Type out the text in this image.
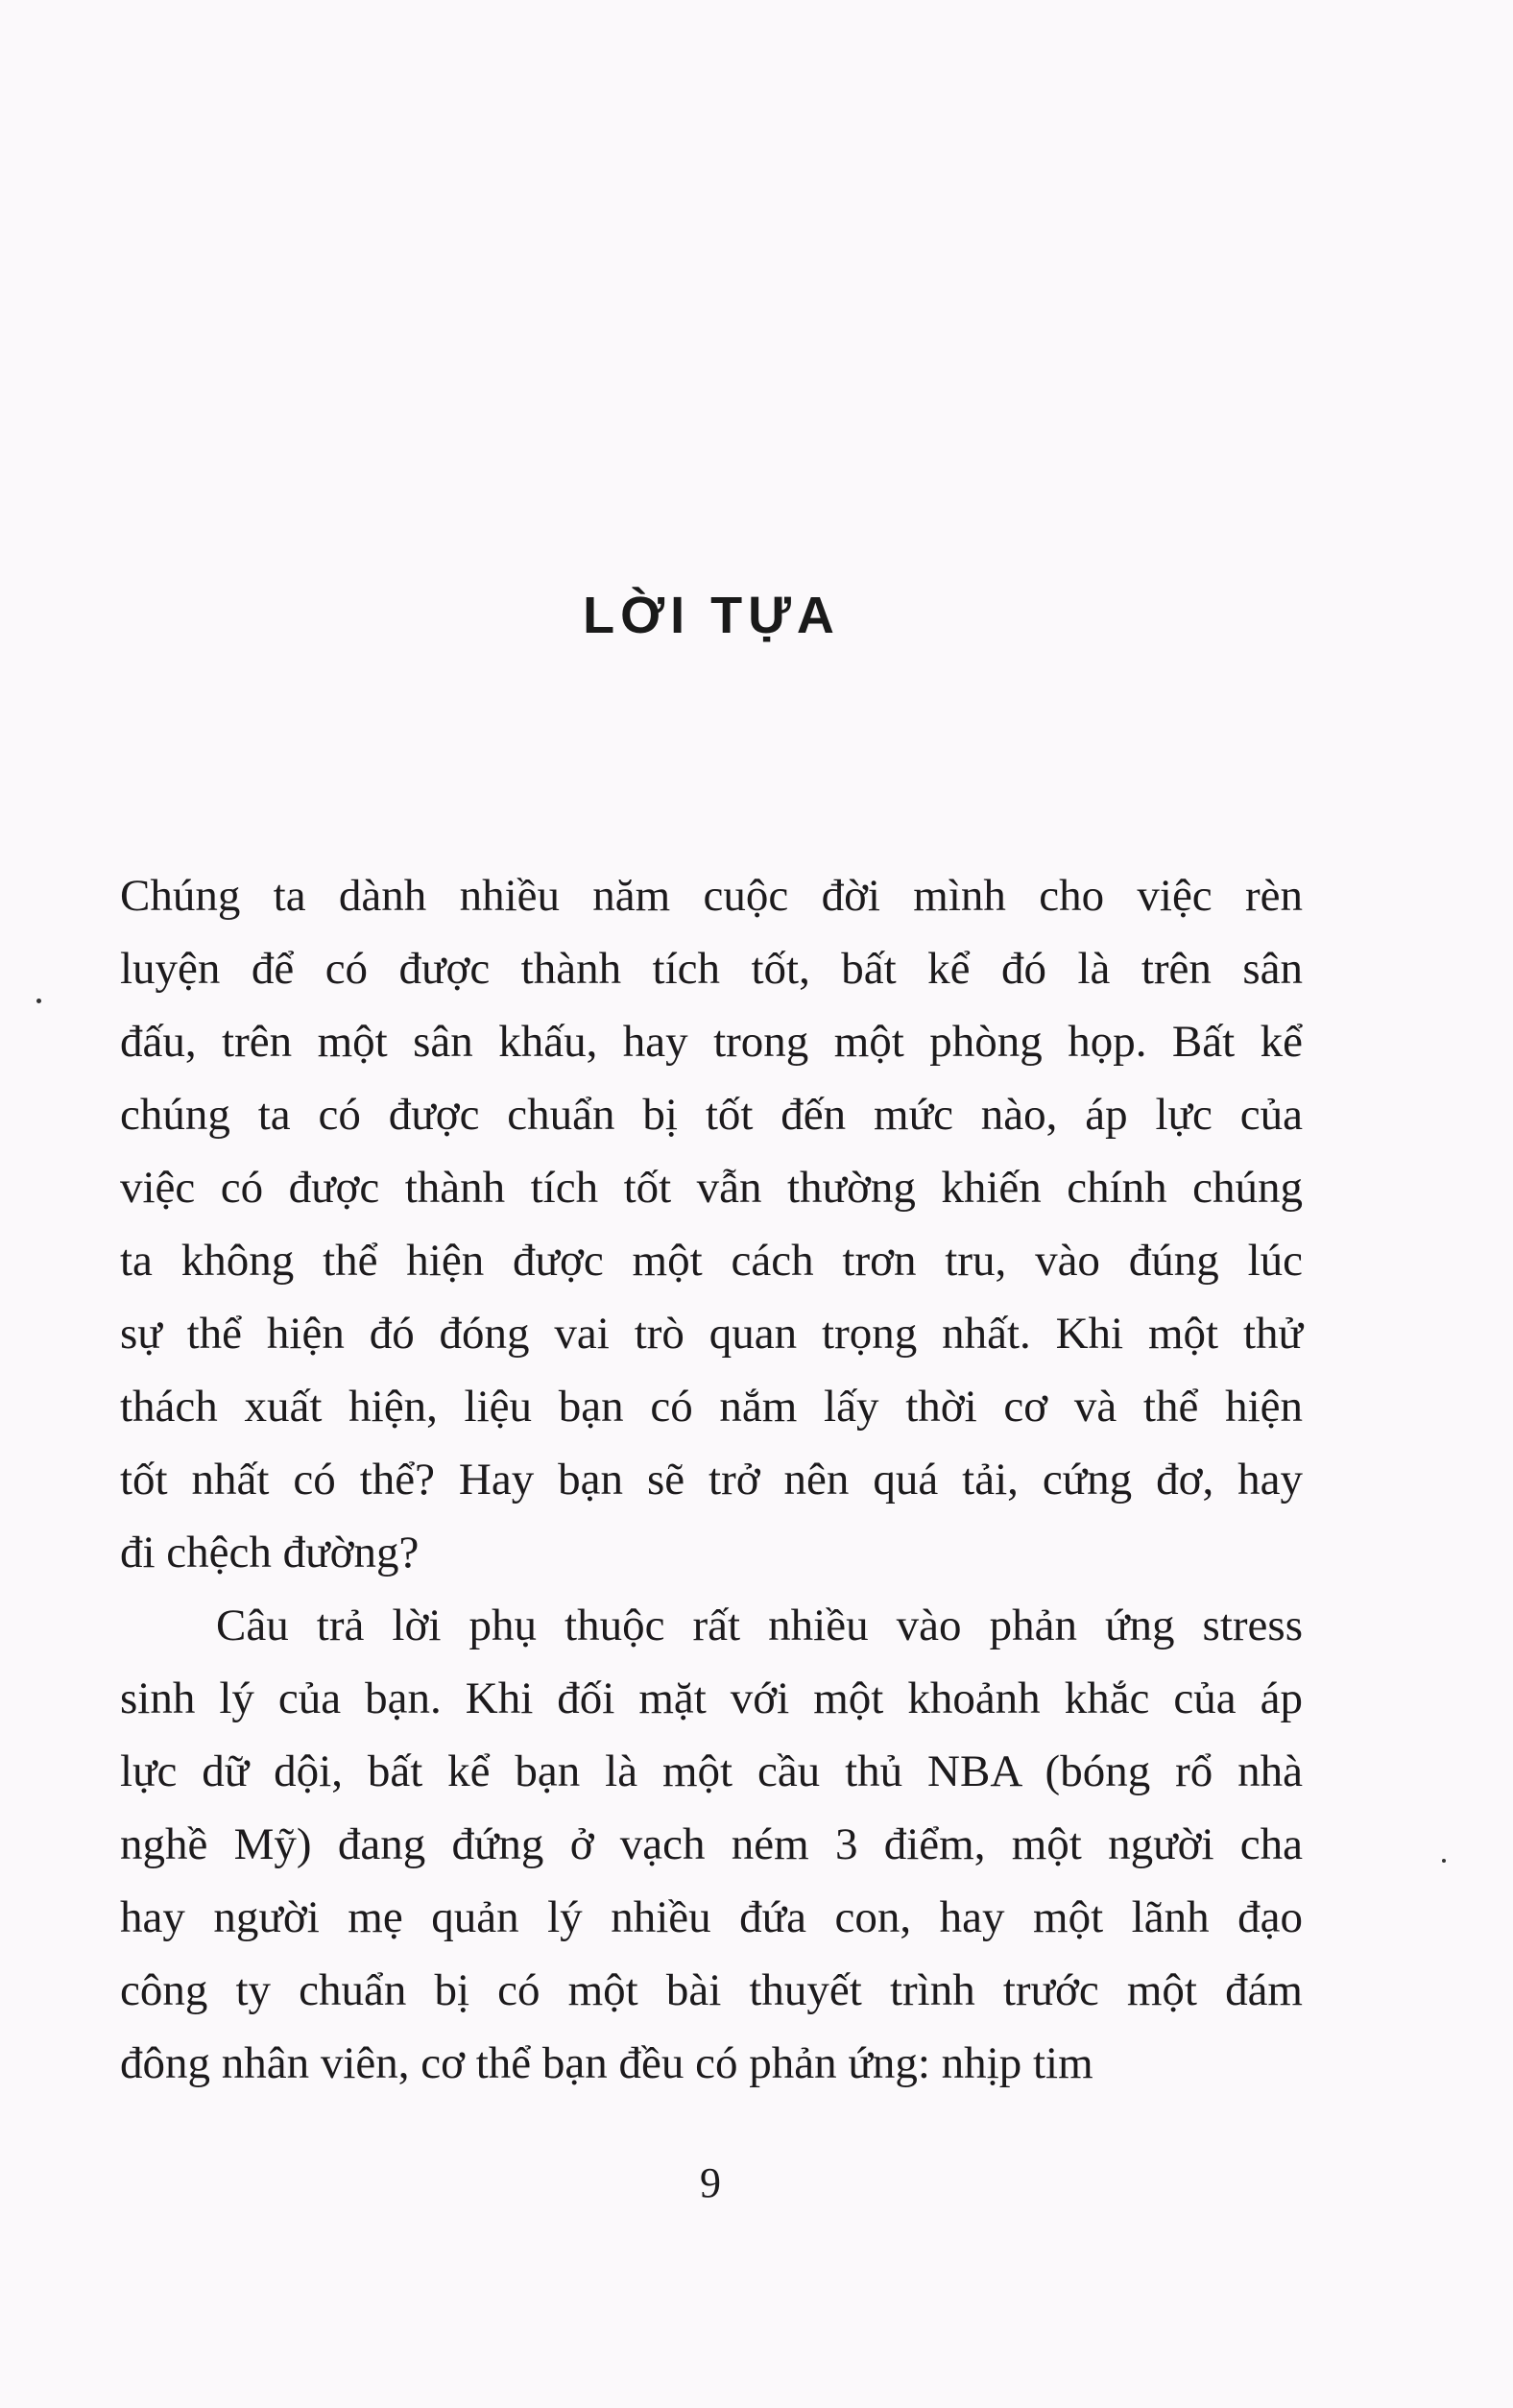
LỜI TỰA
Chúng ta dành nhiều năm cuộc đời mình cho việc rèn
luyện để có được thành tích tốt, bất kể đó là trên sân
đấu, trên một sân khấu, hay trong một phòng họp. Bất kể
chúng ta có được chuẩn bị tốt đến mức nào, áp lực của
việc có được thành tích tốt vẫn thường khiến chính chúng
ta không thể hiện được một cách trơn tru, vào đúng lúc
sự thể hiện đó đóng vai trò quan trọng nhất. Khi một thử
thách xuất hiện, liệu bạn có nắm lấy thời cơ và thể hiện
tốt nhất có thể? Hay bạn sẽ trở nên quá tải, cứng đơ, hay
đi chệch đường?
Câu trả lời phụ thuộc rất nhiều vào phản ứng stress
sinh lý của bạn. Khi đối mặt với một khoảnh khắc của áp
lực dữ dội, bất kể bạn là một cầu thủ NBA (bóng rổ nhà
nghề Mỹ) đang đứng ở vạch ném 3 điểm, một người cha
hay người mẹ quản lý nhiều đứa con, hay một lãnh đạo
công ty chuẩn bị có một bài thuyết trình trước một đám
đông nhân viên, cơ thể bạn đều có phản ứng: nhịp tim
9
